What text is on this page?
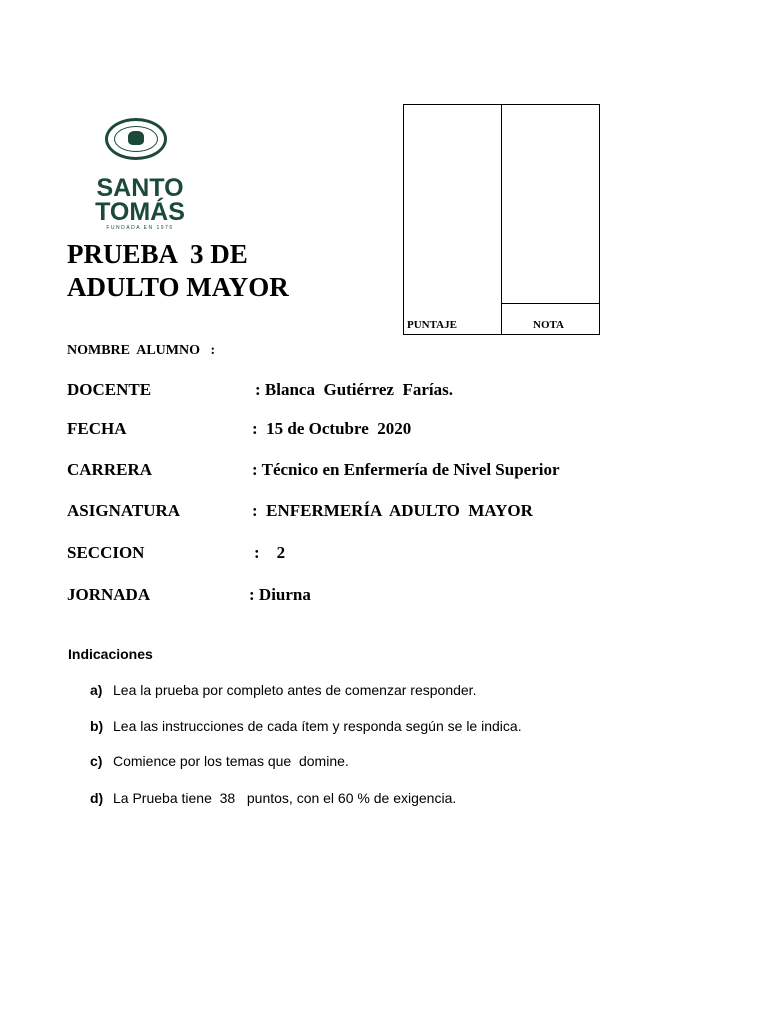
SANTO
TOMÁS
FUNDADA EN 1976
PRUEBA  3 DE
ADULTO MAYOR
PUNTAJE	NOTA

NOMBRE  ALUMNO   :

DOCENTE

	: Blanca  Gutiérrez  Farías.

FECHA

	:  15 de Octubre  2020

CARRERA

	: Técnico en Enfermería de Nivel Superior

ASIGNATURA

	:  ENFERMERÍA  ADULTO  MAYOR

SECCION

	:    2

JORNADA

	: Diurna

Indicaciones

a)

Lea la prueba por completo antes de comenzar responder.

b)

Lea las instrucciones de cada ítem y responda según se le indica.

c)

Comience por los temas que  domine.

d)

La Prueba tiene  38   puntos, con el 60 % de exigencia.
